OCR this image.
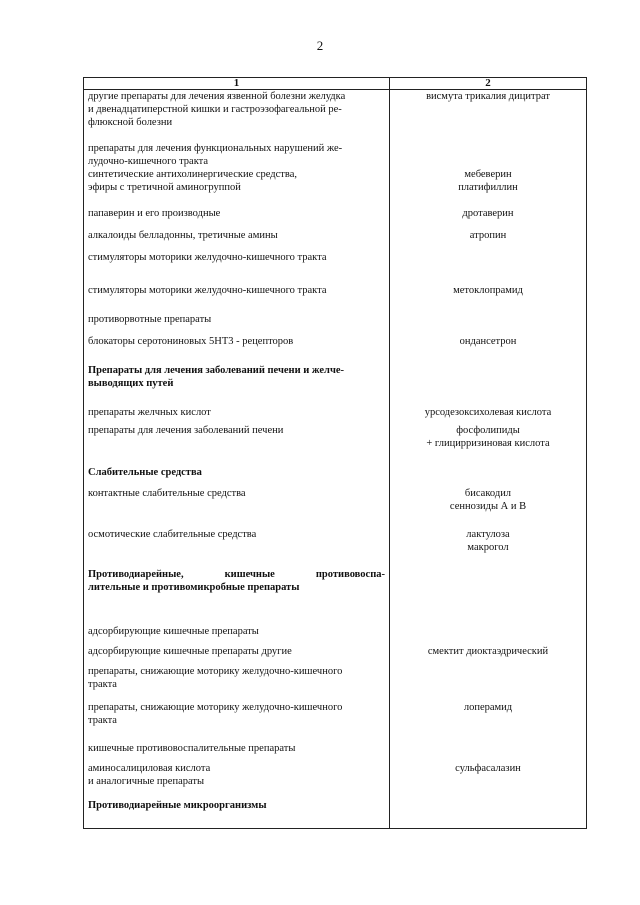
2
1	2

другие препараты для лечения язвенной болезни желудка
и двенадцатиперстной кишки и гастроэзофагеальной ре-
флюксной болезни	висмута трикалия дицитрат

препараты для лечения функциональных нарушений же-
лудочно-кишечного тракта	

синтетические антихолинергические средства,
эфиры с третичной аминогруппой	мебеверин
платифиллин

папаверин и его производные	дротаверин

алкалоиды белладонны, третичные амины	атропин

стимуляторы моторики желудочно-кишечного тракта	

стимуляторы моторики желудочно-кишечного тракта	метоклопрамид

противорвотные препараты	

блокаторы серотониновых 5НТ3 - рецепторов	ондансетрон

Препараты для лечения заболеваний печени и желче-
выводящих путей	

препараты желчных кислот	урсодезоксихолевая кислота

препараты для лечения заболеваний печени	фосфолипиды
+ глицирризиновая кислота

Слабительные средства	

контактные слабительные средства	бисакодил
сеннозиды А и В

осмотические слабительные средства	лактулоза
макрогол

Противодиарейные, кишечные противовоспа-
лительные и противомикробные препараты	

адсорбирующие кишечные препараты	

адсорбирующие кишечные препараты другие	смектит диоктаэдрический

препараты, снижающие моторику желудочно-кишечного
тракта	

препараты, снижающие моторику желудочно-кишечного
тракта	лоперамид

кишечные противовоспалительные препараты	

аминосалициловая кислота
и аналогичные препараты	сульфасалазин

Противодиарейные микроорганизмы	
